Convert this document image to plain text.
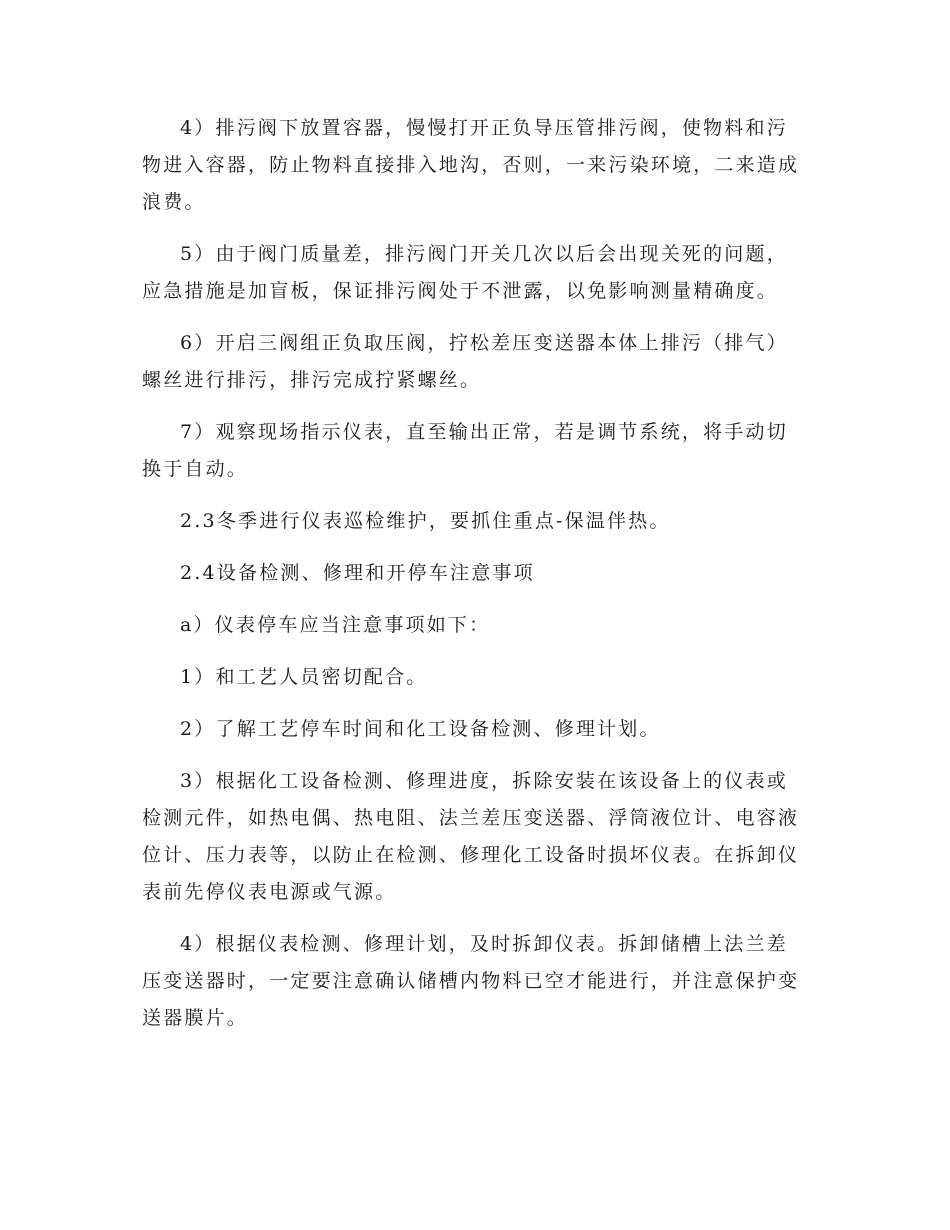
4）排污阀下放置容器，慢慢打开正负导压管排污阀，使物料和污物进入容器，防止物料直接排入地沟，否则，一来污染环境，二来造成浪费。

5）由于阀门质量差，排污阀门开关几次以后会出现关死的问题，应急措施是加盲板，保证排污阀处于不泄露，以免影响测量精确度。

6）开启三阀组正负取压阀，拧松差压变送器本体上排污（排气）螺丝进行排污，排污完成拧紧螺丝。

7）观察现场指示仪表，直至输出正常，若是调节系统，将手动切换于自动。

2.3冬季进行仪表巡检维护，要抓住重点-保温伴热。

2.4设备检测、修理和开停车注意事项

a）仪表停车应当注意事项如下：

1）和工艺人员密切配合。

2）了解工艺停车时间和化工设备检测、修理计划。

3）根据化工设备检测、修理进度，拆除安装在该设备上的仪表或检测元件，如热电偶、热电阻、法兰差压变送器、浮筒液位计、电容液位计、压力表等，以防止在检测、修理化工设备时损坏仪表。在拆卸仪表前先停仪表电源或气源。

4）根据仪表检测、修理计划，及时拆卸仪表。拆卸储槽上法兰差压变送器时，一定要注意确认储槽内物料已空才能进行，并注意保护变送器膜片。
